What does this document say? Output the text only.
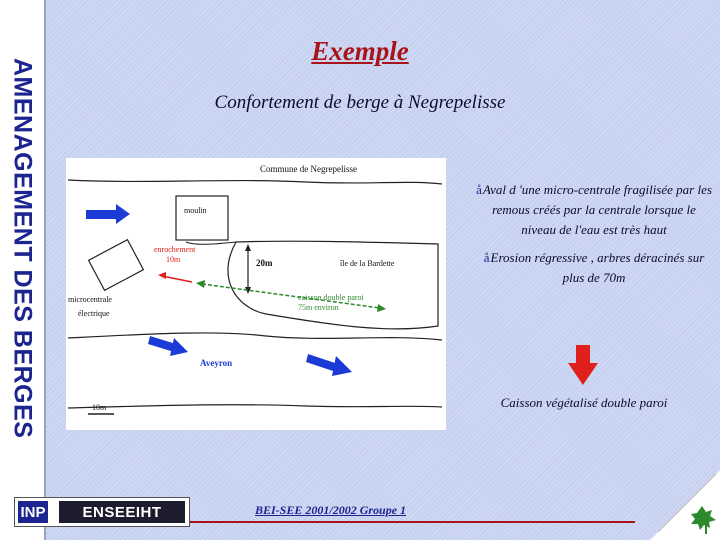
AMENAGEMENT DES BERGES
Exemple
Confortement de berge à Negrepelisse
Commune de Negrepelisse
moulin
enrochement
10m	20m	île de la Bardette
microcentrale
électrique
caisson double paroi
75m environ
Aveyron
10m
åAval d 'une micro-centrale fragilisée par les remous créés par la centrale lorsque le niveau de l'eau est très haut
åErosion régressive , arbres déracinés sur plus de 70m
Caisson végétalisé double paroi
INP	ENSEEIHT	BEI-SEE 2001/2002 Groupe 1
